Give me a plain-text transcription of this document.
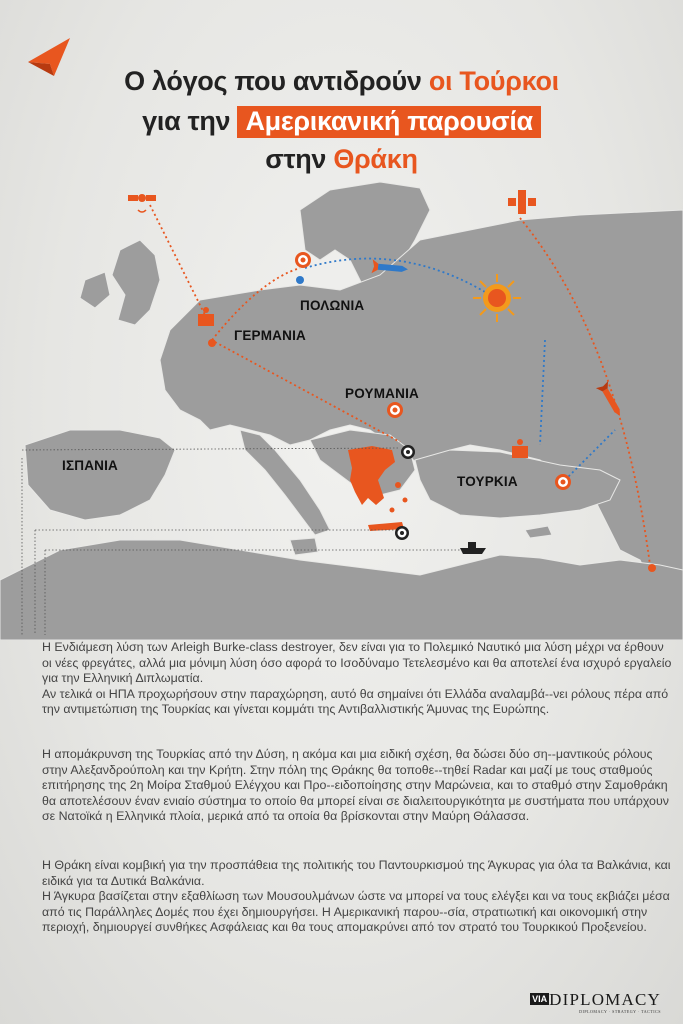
Ο λόγος που αντιδρούν οι Τούρκοι
για την Αμερικανική παρουσία
στην Θράκη
ΠΟΛΩΝΙΑ
ΓΕΡΜΑΝΙΑ
ΡΟΥΜΑΝΙΑ
ΙΣΠΑΝΙΑ
ΤΟΥΡΚΙΑ

Η Ενδιάμεση λύση των Arleigh Burke-class destroyer, δεν είναι για το Πολεμικό Ναυτικό μια λύση μέχρι να έρθουν οι νέες φρεγάτες, αλλά μια μόνιμη λύση όσο αφορά το Ισοδύναμο Τετελεσμένο και θα αποτελεί ένα ισχυρό εργαλείο για την Ελληνική Διπλωματία.

Αν τελικά οι ΗΠΑ προχωρήσουν στην παραχώρηση, αυτό θα σημαίνει ότι Ελλάδα αναλαμβά--νει ρόλους πέρα από την αντιμετώπιση της Τουρκίας και γίνεται κομμάτι της Αντιβαλλιστικής Άμυνας της Ευρώπης.

Η απομάκρυνση της Τουρκίας από την Δύση, η ακόμα και μια ειδική σχέση, θα δώσει δύο ση--μαντικούς ρόλους στην Αλεξανδρούπολη και την Κρήτη. Στην πόλη της Θράκης θα τοποθε--τηθεί Radar και μαζί με τους σταθμούς επιτήρησης της 2η Μοίρα Σταθμού Ελέγχου και Προ--ειδοποίησης στην Μαρώνεια, και το σταθμό στην Σαμοθράκη θα αποτελέσουν έναν ενιαίο σύστημα το οποίο θα μπορεί είναι σε διαλειτουργικότητα με συστήματα που υπάρχουν σε Νατοϊκά η Ελληνικά πλοία, μερικά από τα οποία θα βρίσκονται στην Μαύρη Θάλασσα.

Η Θράκη είναι κομβική για την προσπάθεια της πολιτικής του Παντουρκισμού της Άγκυρας για όλα τα Βαλκάνια, και ειδικά για τα Δυτικά Βαλκάνια.

Η Άγκυρα βασίζεται στην εξαθλίωση των Μουσουλμάνων ώστε να μπορεί να τους ελέγξει και να τους εκβιάζει μέσα από τις Παράλληλες Δομές που έχει δημιουργήσει. Η Αμερικανική παρου--σία, στρατιωτική και οικονομική στην περιοχή, δημιουργεί συνθήκες Ασφάλειας και θα τους απομακρύνει από τον στρατό του Τουρκικού Προξενείου.

VIA DIPLOMACY
DIPLOMACY · STRATEGY · TACTICS
